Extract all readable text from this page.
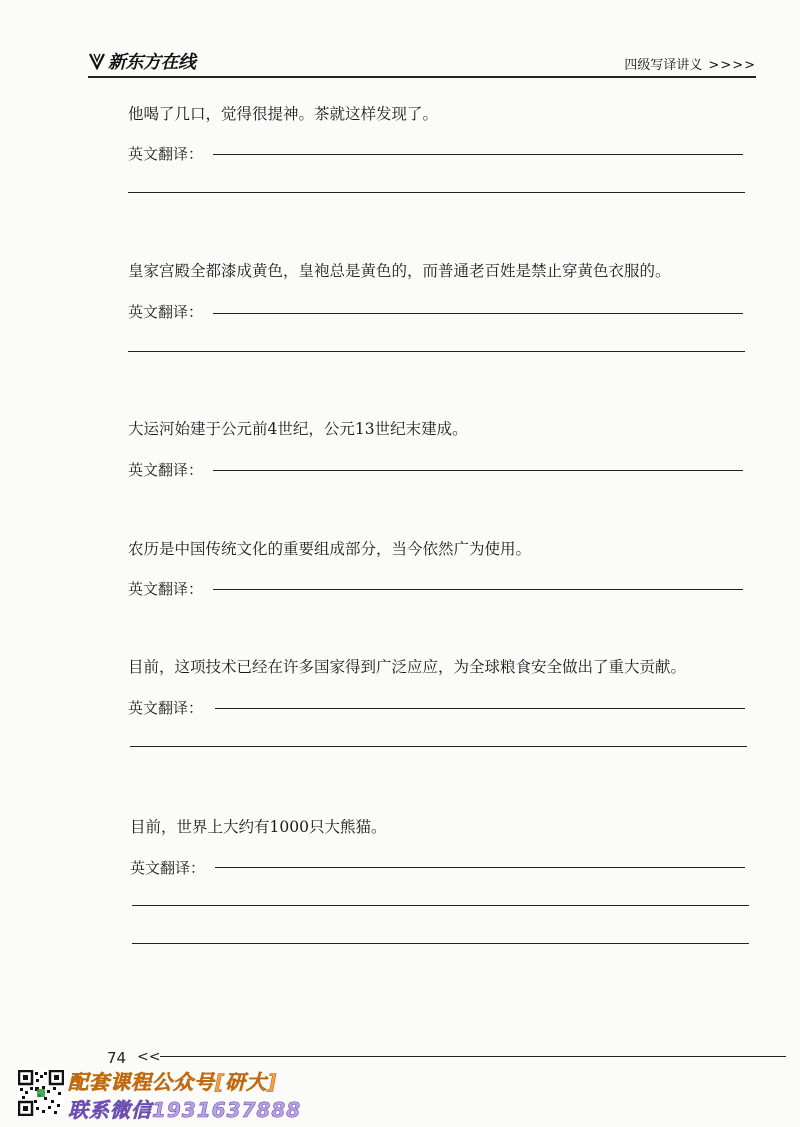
新东方在线	四级写译讲义 >>>>
他喝了几口，觉得很提神。茶就这样发现了。
英文翻译：
皇家宫殿全都漆成黄色，皇袍总是黄色的，而普通老百姓是禁止穿黄色衣服的。
英文翻译：
大运河始建于公元前4世纪，公元13世纪末建成。
英文翻译：
农历是中国传统文化的重要组成部分，当今依然广为使用。
英文翻译：
目前，这项技术已经在许多国家得到广泛应应，为全球粮食安全做出了重大贡献。
英文翻译：
目前，世界上大约有1000只大熊猫。
英文翻译：
74 <<
配套课程公众号[研大]
联系微信1931637888
